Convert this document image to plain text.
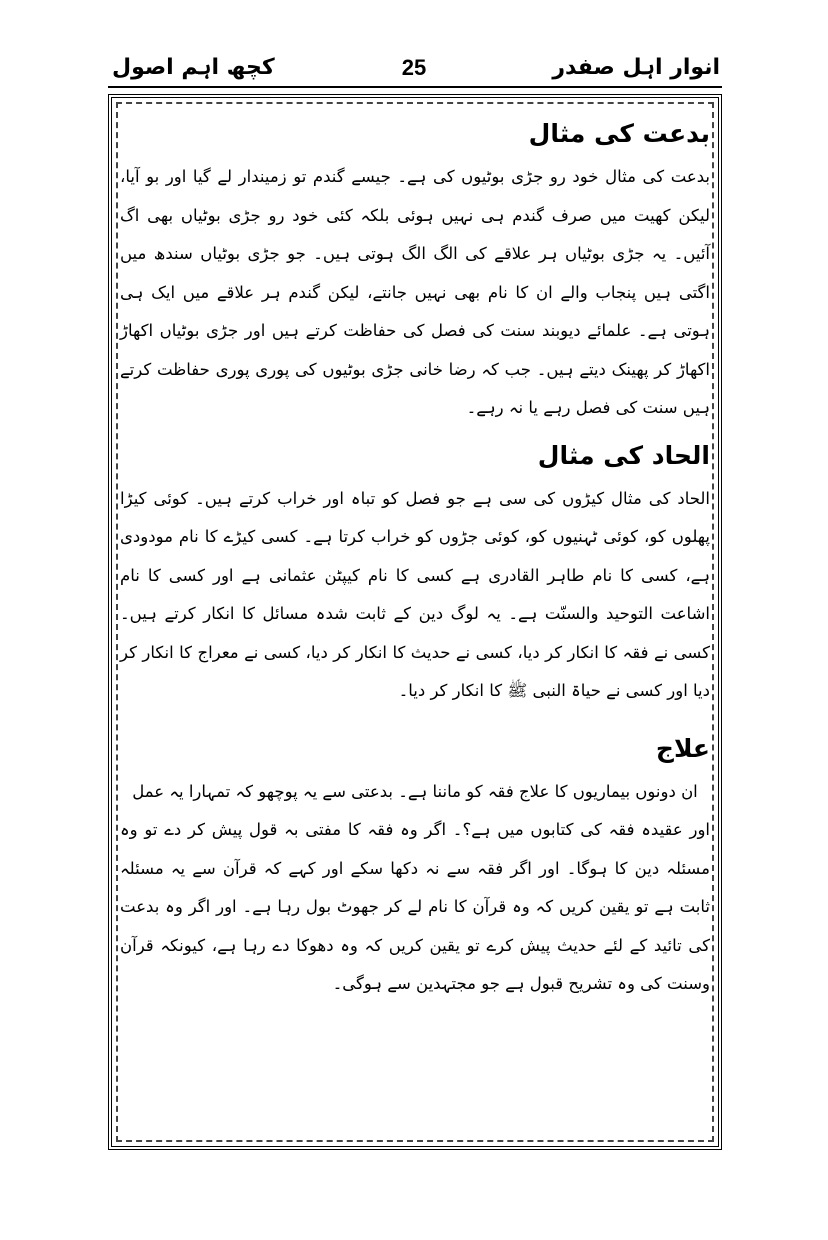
انوار اہل صفدر
25
کچھ اہم اصول
بدعت کی مثال

بدعت کی مثال خود رو جڑی بوٹیوں کی ہے۔ جیسے گندم تو زمیندار لے گیا اور بو آیا، لیکن کھیت میں صرف گندم ہی نہیں ہوئی بلکہ کئی خود رو جڑی بوٹیاں بھی اگ آئیں۔ یہ جڑی بوٹیاں ہر علاقے کی الگ الگ ہوتی ہیں۔ جو جڑی بوٹیاں سندھ میں اگتی ہیں پنجاب والے ان کا نام بھی نہیں جانتے، لیکن گندم ہر علاقے میں ایک ہی ہوتی ہے۔ علمائے دیوبند سنت کی فصل کی حفاظت کرتے ہیں اور جڑی بوٹیاں اکھاڑ اکھاڑ کر پھینک دیتے ہیں۔ جب کہ رضا خانی جڑی بوٹیوں کی پوری پوری حفاظت کرتے ہیں سنت کی فصل رہے یا نہ رہے۔

الحاد کی مثال

الحاد کی مثال کیڑوں کی سی ہے جو فصل کو تباہ اور خراب کرتے ہیں۔ کوئی کیڑا پھلوں کو، کوئی ٹہنیوں کو، کوئی جڑوں کو خراب کرتا ہے۔ کسی کیڑے کا نام مودودی ہے، کسی کا نام طاہر القادری ہے کسی کا نام کیپٹن عثمانی ہے اور کسی کا نام اشاعت التوحید والسنّت ہے۔ یہ لوگ دین کے ثابت شدہ مسائل کا انکار کرتے ہیں۔ کسی نے فقہ کا انکار کر دیا، کسی نے حدیث کا انکار کر دیا، کسی نے معراج کا انکار کر دیا اور کسی نے حیاۃ النبی ﷺ کا انکار کر دیا۔

علاج

ان دونوں بیماریوں کا علاج فقہ کو ماننا ہے۔ بدعتی سے یہ پوچھو کہ تمہارا یہ عمل

اور عقیدہ فقہ کی کتابوں میں ہے؟۔ اگر وہ فقہ کا مفتی بہ قول پیش کر دے تو وہ مسئلہ دین کا ہوگا۔ اور اگر فقہ سے نہ دکھا سکے اور کہے کہ قرآن سے یہ مسئلہ ثابت ہے تو یقین کریں کہ وہ قرآن کا نام لے کر جھوٹ بول رہا ہے۔ اور اگر وہ بدعت کی تائید کے لئے حدیث پیش کرے تو یقین کریں کہ وہ دھوکا دے رہا ہے، کیونکہ قرآن وسنت کی وہ تشریح قبول ہے جو مجتہدین سے ہوگی۔
